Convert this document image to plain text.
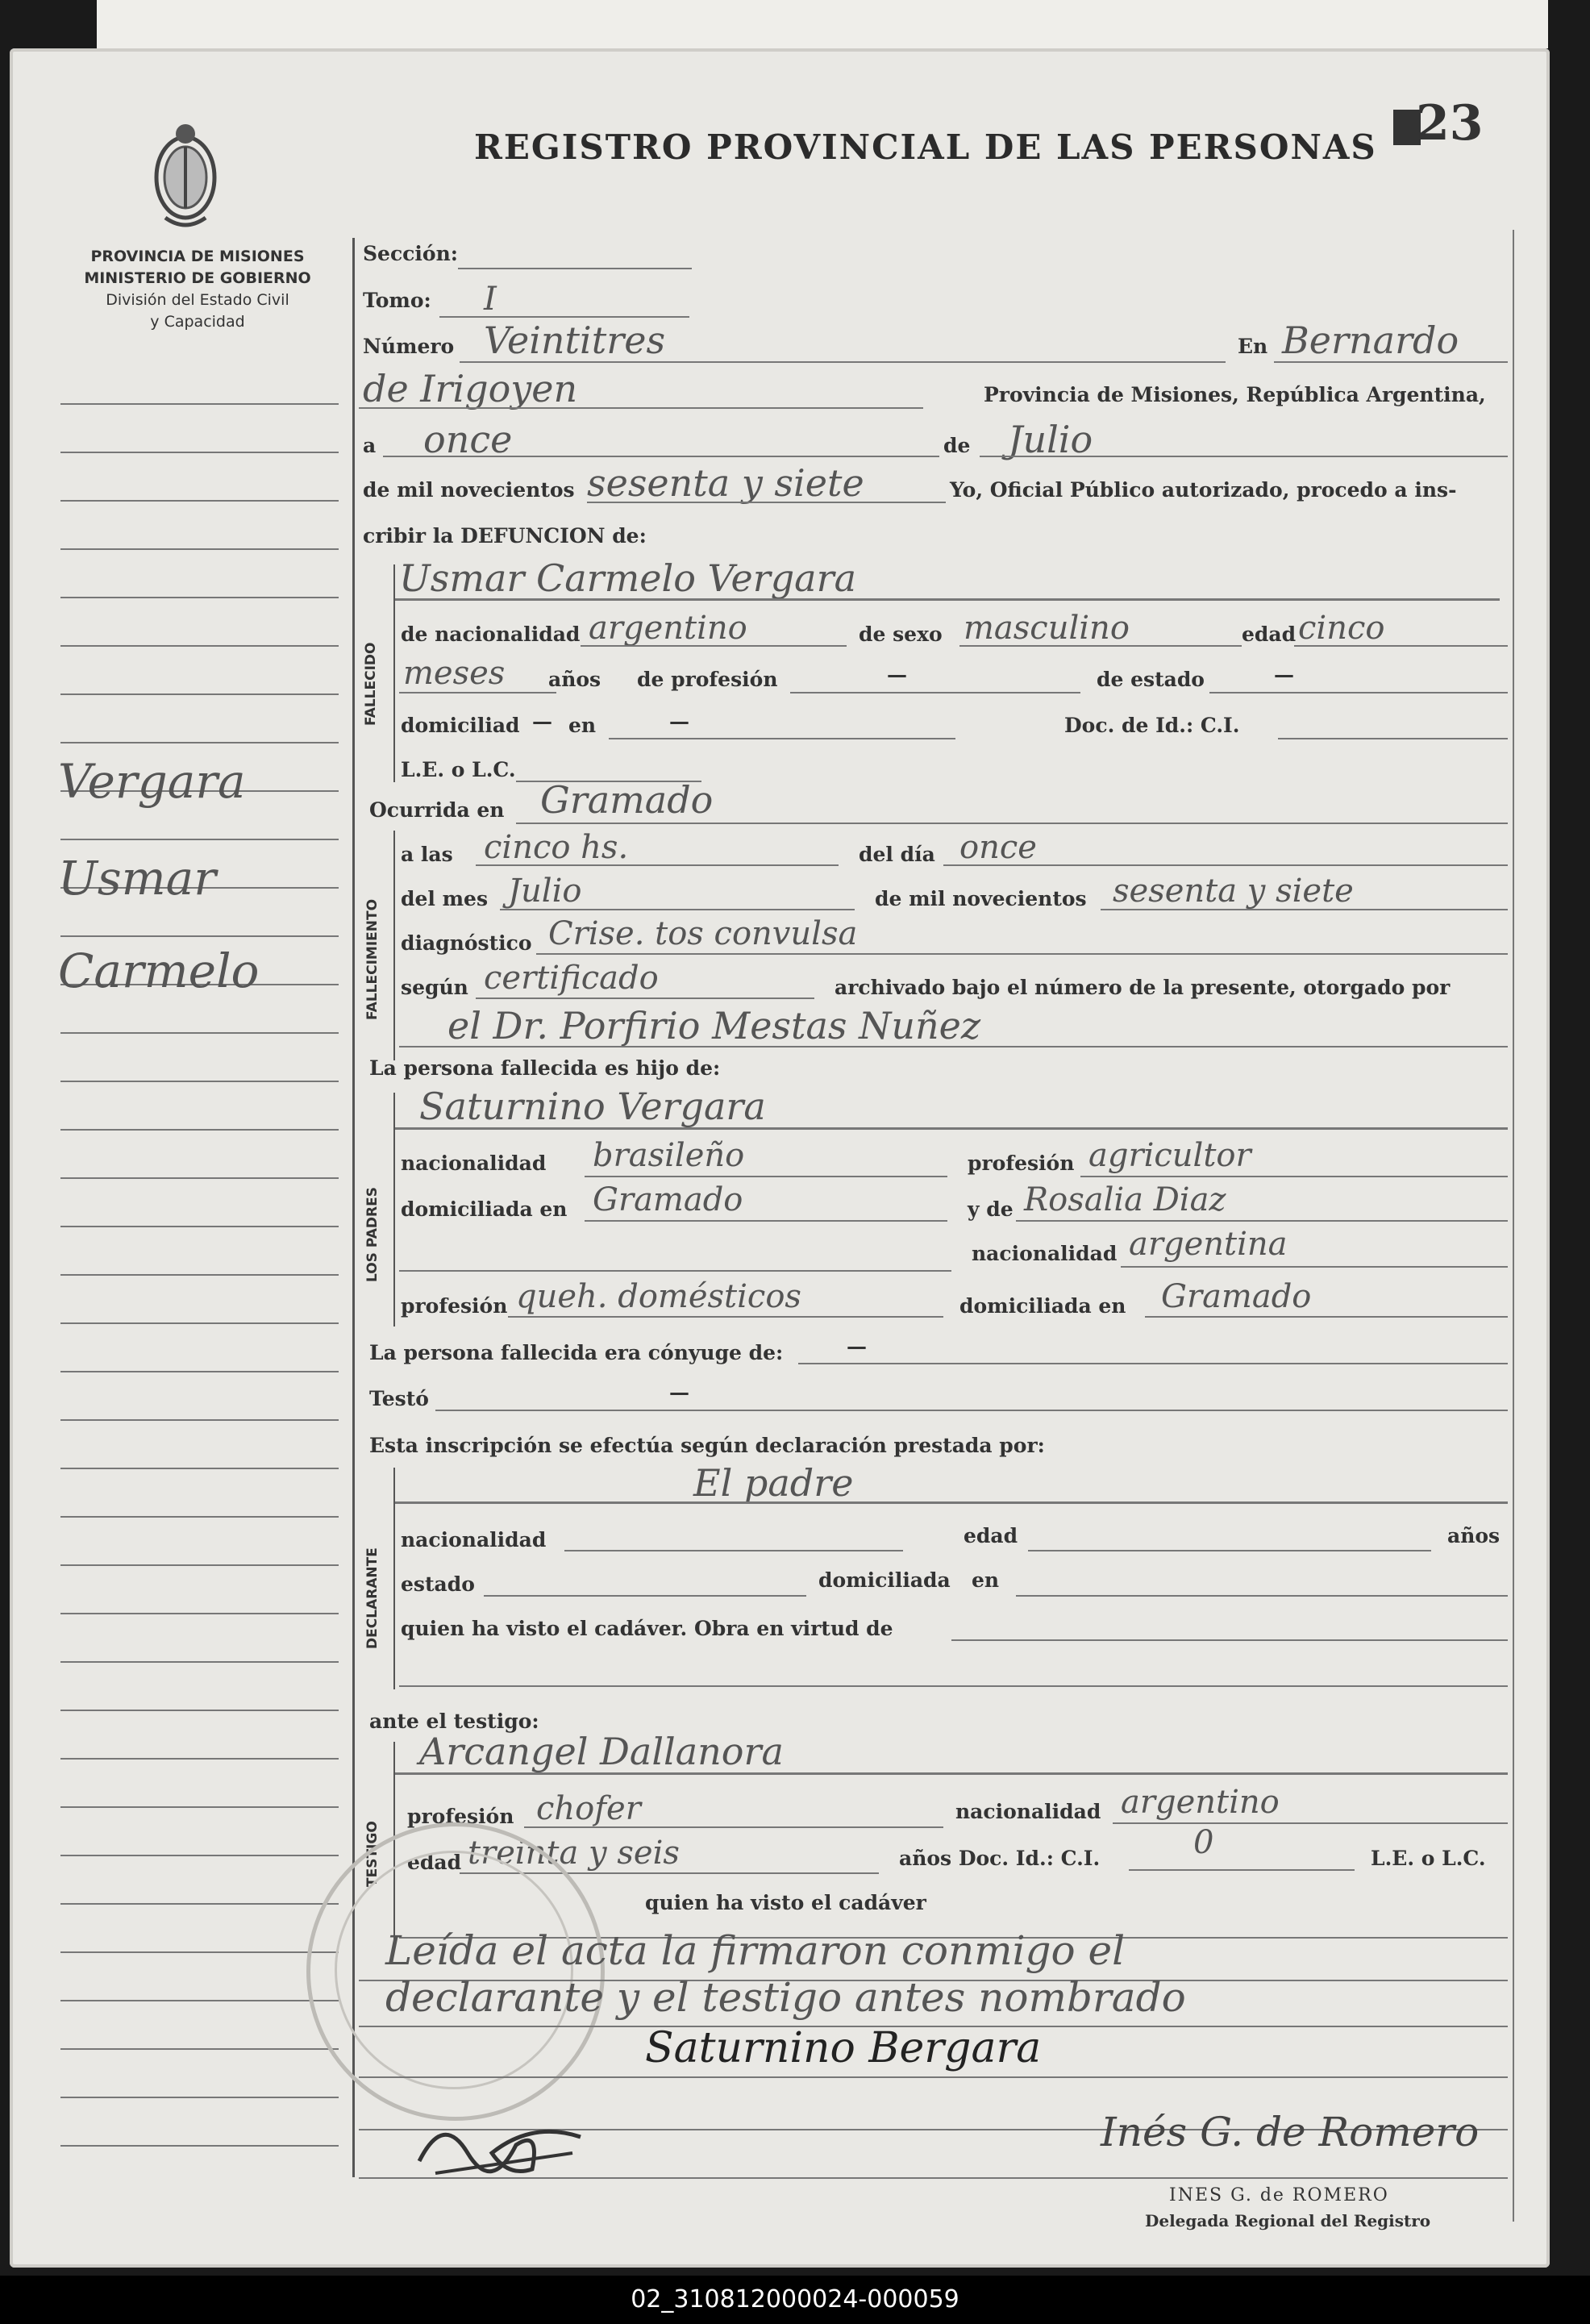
PROVINCIA DE MISIONES
MINISTERIO DE GOBIERNO
División del Estado Civil
y Capacidad
REGISTRO PROVINCIAL DE LAS PERSONAS 23
Vergara
Usmar
Carmelo
Sección:
Tomo: I
Número Veintitres	En Bernardo
de Irigoyen	Provincia de Misiones, República Argentina,
a once	de Julio
de mil novecientos sesenta y siete	Yo, Oficial Público autorizado, procedo a ins-
cribir la DEFUNCION de:
FALLECIDO
Usmar Carmelo Vergara
de nacionalidad argentino	de sexo masculino	edad cinco
meses años de profesión	—	de estado	—
domiciliad — en	—	Doc. de Id.: C.I.
L.E. o L.C.
Ocurrida en Gramado
FALLECIMIENTO
a las cinco hs.	del día once
del mes Julio	de mil novecientos sesenta y siete
diagnóstico Crise. tos convulsa
según certificado	archivado bajo el número de la presente, otorgado por
el Dr. Porfirio Mestas Nuñez
La persona fallecida es hijo de:
LOS PADRES
Saturnino Vergara
nacionalidad brasileño	profesión agricultor
domiciliada en Gramado	y de Rosalia Diaz
nacionalidad argentina
profesión queh. domésticos	domiciliada en Gramado
La persona fallecida era cónyuge de:	—
Testó	—
Esta inscripción se efectúa según declaración prestada por:
DECLARANTE
El padre
nacionalidad	edad	años
estado	domiciliada en
quien ha visto el cadáver. Obra en virtud de
ante el testigo:
TESTIGO
Arcangel Dallanora
profesión chofer	nacionalidad argentino
edad treinta y seis	años Doc. Id.: C.I.	0	L.E. o L.C.
quien ha visto el cadáver
Leída el acta la firmaron conmigo el
declarante y el testigo antes nombrado
Saturnino Bergara
Inés G. de Romero
INES G. de ROMERO
Delegada Regional del Registro
02_310812000024-000059
